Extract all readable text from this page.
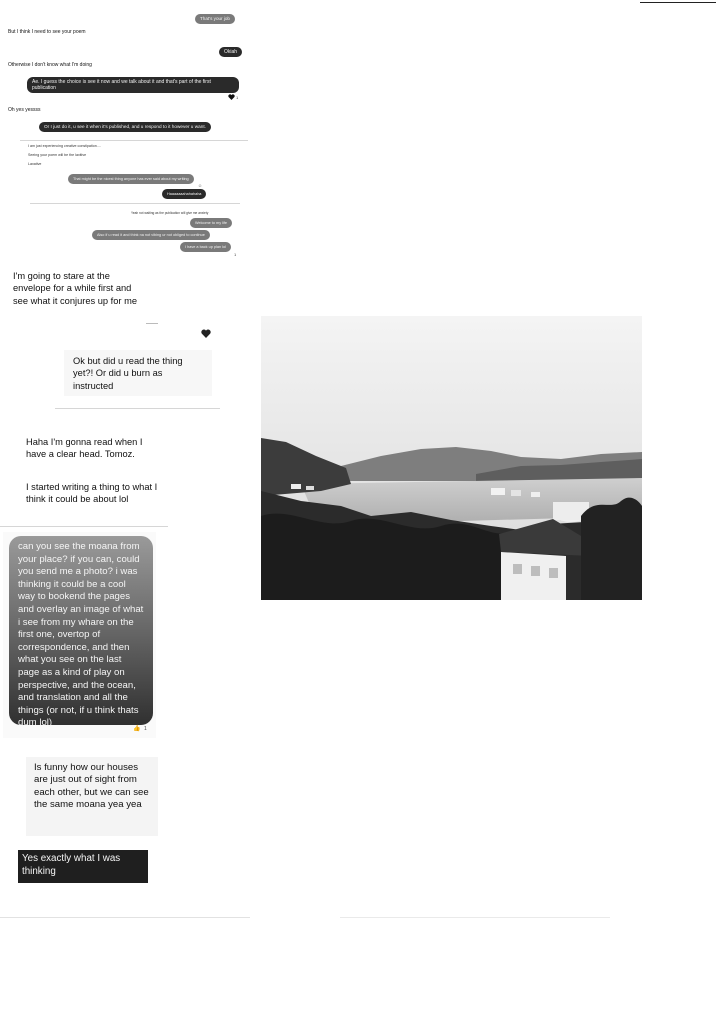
That's your job
But I think I need to see your poem
Okiah
Otherwise I don't know what I'm doing
Ae. I guess the choice is see it now and we talk about it and that's part of the first publication
1
Oh yes yessss
Or I just do it, u see it when it's published, and u respond to it however u want.
I am just experiencing creative constipation....
Seeing your poem will be the laxitive
Laxative
That might be the nicest thing anyone has ever said about my writing
☺
Haaaaaaahahahaha
Yeah not waiting as the publication will give me anxiety
Welcome to my life
Also if u read it and think na not vibing ur not obliged to continue
I have a back up plan lol
1
I'm going to stare at the envelope for a while first and see what it conjures up for me
Ok but did u read the thing yet?! Or did u burn as instructed
Haha I'm gonna read when I have a clear head. Tomoz.
I started writing a thing to what I think it could be about lol
can you see the moana from your place? if you can, could you send me a photo? i was thinking it could be a cool way to bookend the pages and overlay an image of what i see from my whare on the first one, overtop of correspondence, and then what you see on the last page as a kind of play on perspective, and the ocean, and translation and all the things (or not, if u think thats dum lol)
👍 1
Is funny how our houses are just out of sight from each other, but we can see the same moana yea yea
Yes exactly what I was thinking
